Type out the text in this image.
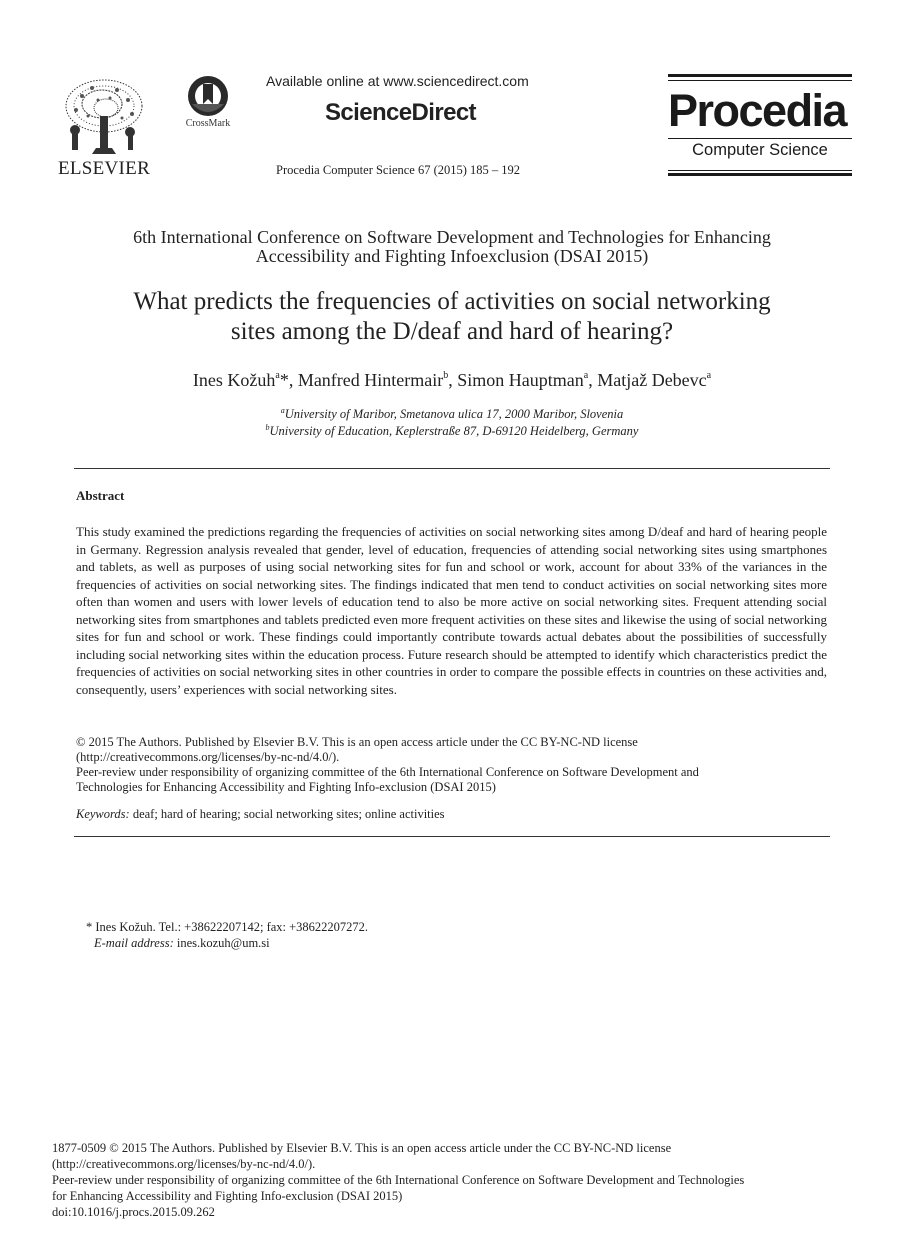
ELSEVIER
CrossMark
Available online at www.sciencedirect.com
ScienceDirect
Procedia Computer Science 67 (2015) 185 – 192
Procedia
Computer Science
6th International Conference on Software Development and Technologies for Enhancing
Accessibility and Fighting Infoexclusion (DSAI 2015)
What predicts the frequencies of activities on social networking
sites among the D/deaf and hard of hearing?
Ines Kožuh$^a$*, Manfred Hintermair$^b$, Simon Hauptman$^a$, Matjaž Debevc$^a$
$^a$University of Maribor, Smetanova ulica 17, 2000 Maribor, Slovenia
$^b$University of Education, Keplerstraße 87, D-69120 Heidelberg, Germany
Abstract
This study examined the predictions regarding the frequencies of activities on social networking sites among D/deaf and hard of hearing people in Germany. Regression analysis revealed that gender, level of education, frequencies of attending social networking sites using smartphones and tablets, as well as purposes of using social networking sites for fun and school or work, account for about 33% of the variances in the frequencies of activities on social networking sites. The findings indicated that men tend to conduct activities on social networking sites more often than women and users with lower levels of education tend to also be more active on social networking sites. Frequent attending social networking sites from smartphones and tablets predicted even more frequent activities on these sites and likewise the using of social networking sites for fun and school or work. These findings could importantly contribute towards actual debates about the possibilities of successfully including social networking sites within the education process. Future research should be attempted to identify which characteristics predict the frequencies of activities on social networking sites in other countries in order to compare the possible effects in countries on these activities and, consequently, users’ experiences with social networking sites.
© 2015 The Authors. Published by Elsevier B.V. This is an open access article under the CC BY-NC-ND license
(http://creativecommons.org/licenses/by-nc-nd/4.0/).
Peer-review under responsibility of organizing committee of the 6th International Conference on Software Development and
Technologies for Enhancing Accessibility and Fighting Info-exclusion (DSAI 2015)
Keywords: deaf; hard of hearing; social networking sites; online activities
* Ines Kožuh. Tel.: +38622207142; fax: +38622207272.
E-mail address: ines.kozuh@um.si
1877-0509 © 2015 The Authors. Published by Elsevier B.V. This is an open access article under the CC BY-NC-ND license
(http://creativecommons.org/licenses/by-nc-nd/4.0/).
Peer-review under responsibility of organizing committee of the 6th International Conference on Software Development and Technologies
for Enhancing Accessibility and Fighting Info-exclusion (DSAI 2015)
doi:10.1016/j.procs.2015.09.262
